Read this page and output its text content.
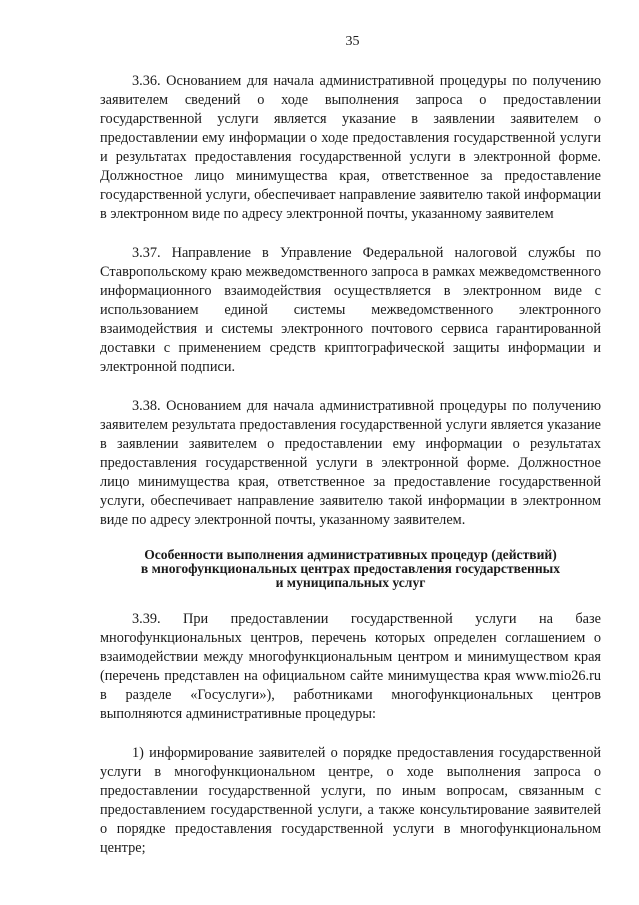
35

3.36. Основанием для начала административной процедуры по получению заявителем сведений о ходе выполнения запроса о предоставлении государственной услуги является указание в заявлении заявителем о предоставлении ему информации о ходе предоставления государственной услуги и результатах предоставления государственной услуги в электронной форме. Должностное лицо минимущества края, ответственное за предоставление государственной услуги, обеспечивает направление заявителю такой информации в электронном виде по адресу электронной почты, указанному заявителем

3.37. Направление в Управление Федеральной налоговой службы по Ставропольскому краю межведомственного запроса в рамках межведомственного информационного взаимодействия осуществляется в электронном виде с использованием единой системы межведомственного электронного взаимодействия и системы электронного почтового сервиса гарантированной доставки с применением средств криптографической защиты информации и электронной подписи.

3.38. Основанием для начала административной процедуры по получению заявителем результата предоставления государственной услуги является указание в заявлении заявителем о предоставлении ему информации о результатах предоставления государственной услуги в электронной форме. Должностное лицо минимущества края, ответственное за предоставление государственной услуги, обеспечивает направление заявителю такой информации в электронном виде по адресу электронной почты, указанному заявителем.

Особенности выполнения административных процедур (действий)
в многофункциональных центрах предоставления государственных
и муниципальных услуг

3.39. При предоставлении государственной услуги на базе многофункциональных центров, перечень которых определен соглашением о взаимодействии между многофункциональным центром и минимуществом края (перечень представлен на официальном сайте минимущества края www.mio26.ru в разделе «Госуслуги»), работниками многофункциональных центров выполняются административные процедуры:

1) информирование заявителей о порядке предоставления государственной услуги в многофункциональном центре, о ходе выполнения запроса о предоставлении государственной услуги, по иным вопросам, связанным с предоставлением государственной услуги, а также консультирование заявителей о порядке предоставления государственной услуги в многофункциональном центре;
